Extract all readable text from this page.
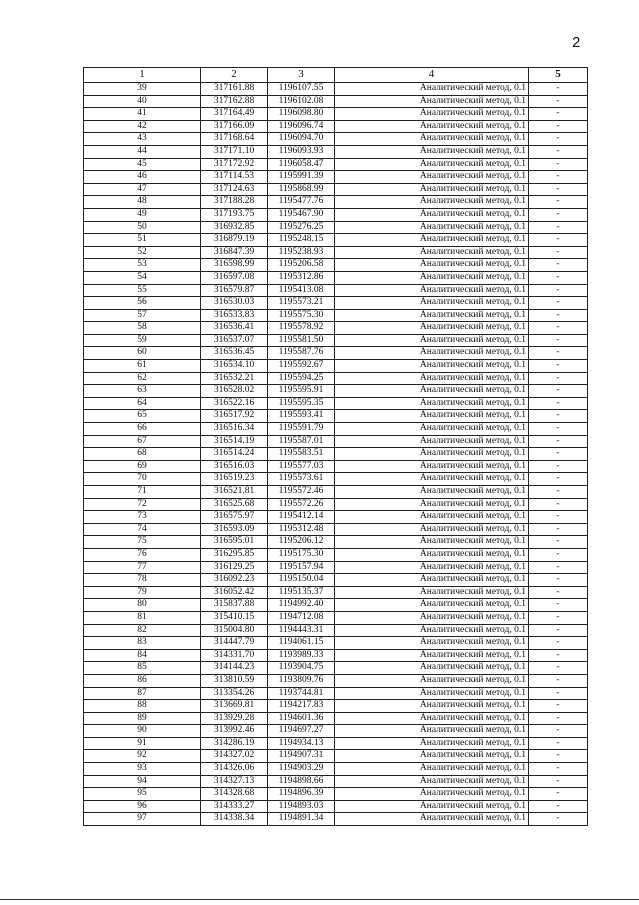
2
1	2	3	4	5
39	317161.88	1196107.55	Аналитический метод, 0.1	-
40	317162.88	1196102.08	Аналитический метод, 0.1	-
41	317164.49	1196098.80	Аналитический метод, 0.1	-
42	317166.09	1196096.74	Аналитический метод, 0.1	-
43	317168.64	1196094.70	Аналитический метод, 0.1	-
44	317171.10	1196093.93	Аналитический метод, 0.1	-
45	317172.92	1196058.47	Аналитический метод, 0.1	-
46	317114.53	1195991.39	Аналитический метод, 0.1	-
47	317124.63	1195868.99	Аналитический метод, 0.1	-
48	317188.28	1195477.76	Аналитический метод, 0.1	-
49	317193.75	1195467.90	Аналитический метод, 0.1	-
50	316932.85	1195276.25	Аналитический метод, 0.1	-
51	316879.19	1195248.15	Аналитический метод, 0.1	-
52	316847.39	1195238.93	Аналитический метод, 0.1	-
53	316598.99	1195206.58	Аналитический метод, 0.1	-
54	316597.08	1195312.86	Аналитический метод, 0.1	-
55	316579.87	1195413.08	Аналитический метод, 0.1	-
56	316530.03	1195573.21	Аналитический метод, 0.1	-
57	316533.83	1195575.30	Аналитический метод, 0.1	-
58	316536.41	1195578.92	Аналитический метод, 0.1	-
59	316537.07	1195581.50	Аналитический метод, 0.1	-
60	316536.45	1195587.76	Аналитический метод, 0.1	-
61	316534.10	1195592.67	Аналитический метод, 0.1	-
62	316532.21	1195594.25	Аналитический метод, 0.1	-
63	316528.02	1195595.91	Аналитический метод, 0.1	-
64	316522.16	1195595.35	Аналитический метод, 0.1	-
65	316517.92	1195593.41	Аналитический метод, 0.1	-
66	316516.34	1195591.79	Аналитический метод, 0.1	-
67	316514.19	1195587.01	Аналитический метод, 0.1	-
68	316514.24	1195583.51	Аналитический метод, 0.1	-
69	316516.03	1195577.03	Аналитический метод, 0.1	-
70	316519.23	1195573.61	Аналитический метод, 0.1	-
71	316521.81	1195572.46	Аналитический метод, 0.1	-
72	316525.68	1195572.26	Аналитический метод, 0.1	-
73	316575.97	1195412.14	Аналитический метод, 0.1	-
74	316593.09	1195312.48	Аналитический метод, 0.1	-
75	316595.01	1195206.12	Аналитический метод, 0.1	-
76	316295.85	1195175.30	Аналитический метод, 0.1	-
77	316129.25	1195157.94	Аналитический метод, 0.1	-
78	316092.23	1195150.04	Аналитический метод, 0.1	-
79	316052.42	1195135.37	Аналитический метод, 0.1	-
80	315837.88	1194992.40	Аналитический метод, 0.1	-
81	315410.15	1194712.08	Аналитический метод, 0.1	-
82	315004.80	1194443.31	Аналитический метод, 0.1	-
83	314447.79	1194061.15	Аналитический метод, 0.1	-
84	314331.70	1193989.33	Аналитический метод, 0.1	-
85	314144.23	1193904.75	Аналитический метод, 0.1	-
86	313810.59	1193809.76	Аналитический метод, 0.1	-
87	313354.26	1193744.81	Аналитический метод, 0.1	-
88	313669.81	1194217.83	Аналитический метод, 0.1	-
89	313929.28	1194601.36	Аналитический метод, 0.1	-
90	313992.46	1194697.27	Аналитический метод, 0.1	-
91	314286.19	1194934.13	Аналитический метод, 0.1	-
92	314327.02	1194907.31	Аналитический метод, 0.1	-
93	314326.06	1194903.29	Аналитический метод, 0.1	-
94	314327.13	1194898.66	Аналитический метод, 0.1	-
95	314328.68	1194896.39	Аналитический метод, 0.1	-
96	314333.27	1194893.03	Аналитический метод, 0.1	-
97	314338.34	1194891.34	Аналитический метод, 0.1	-
